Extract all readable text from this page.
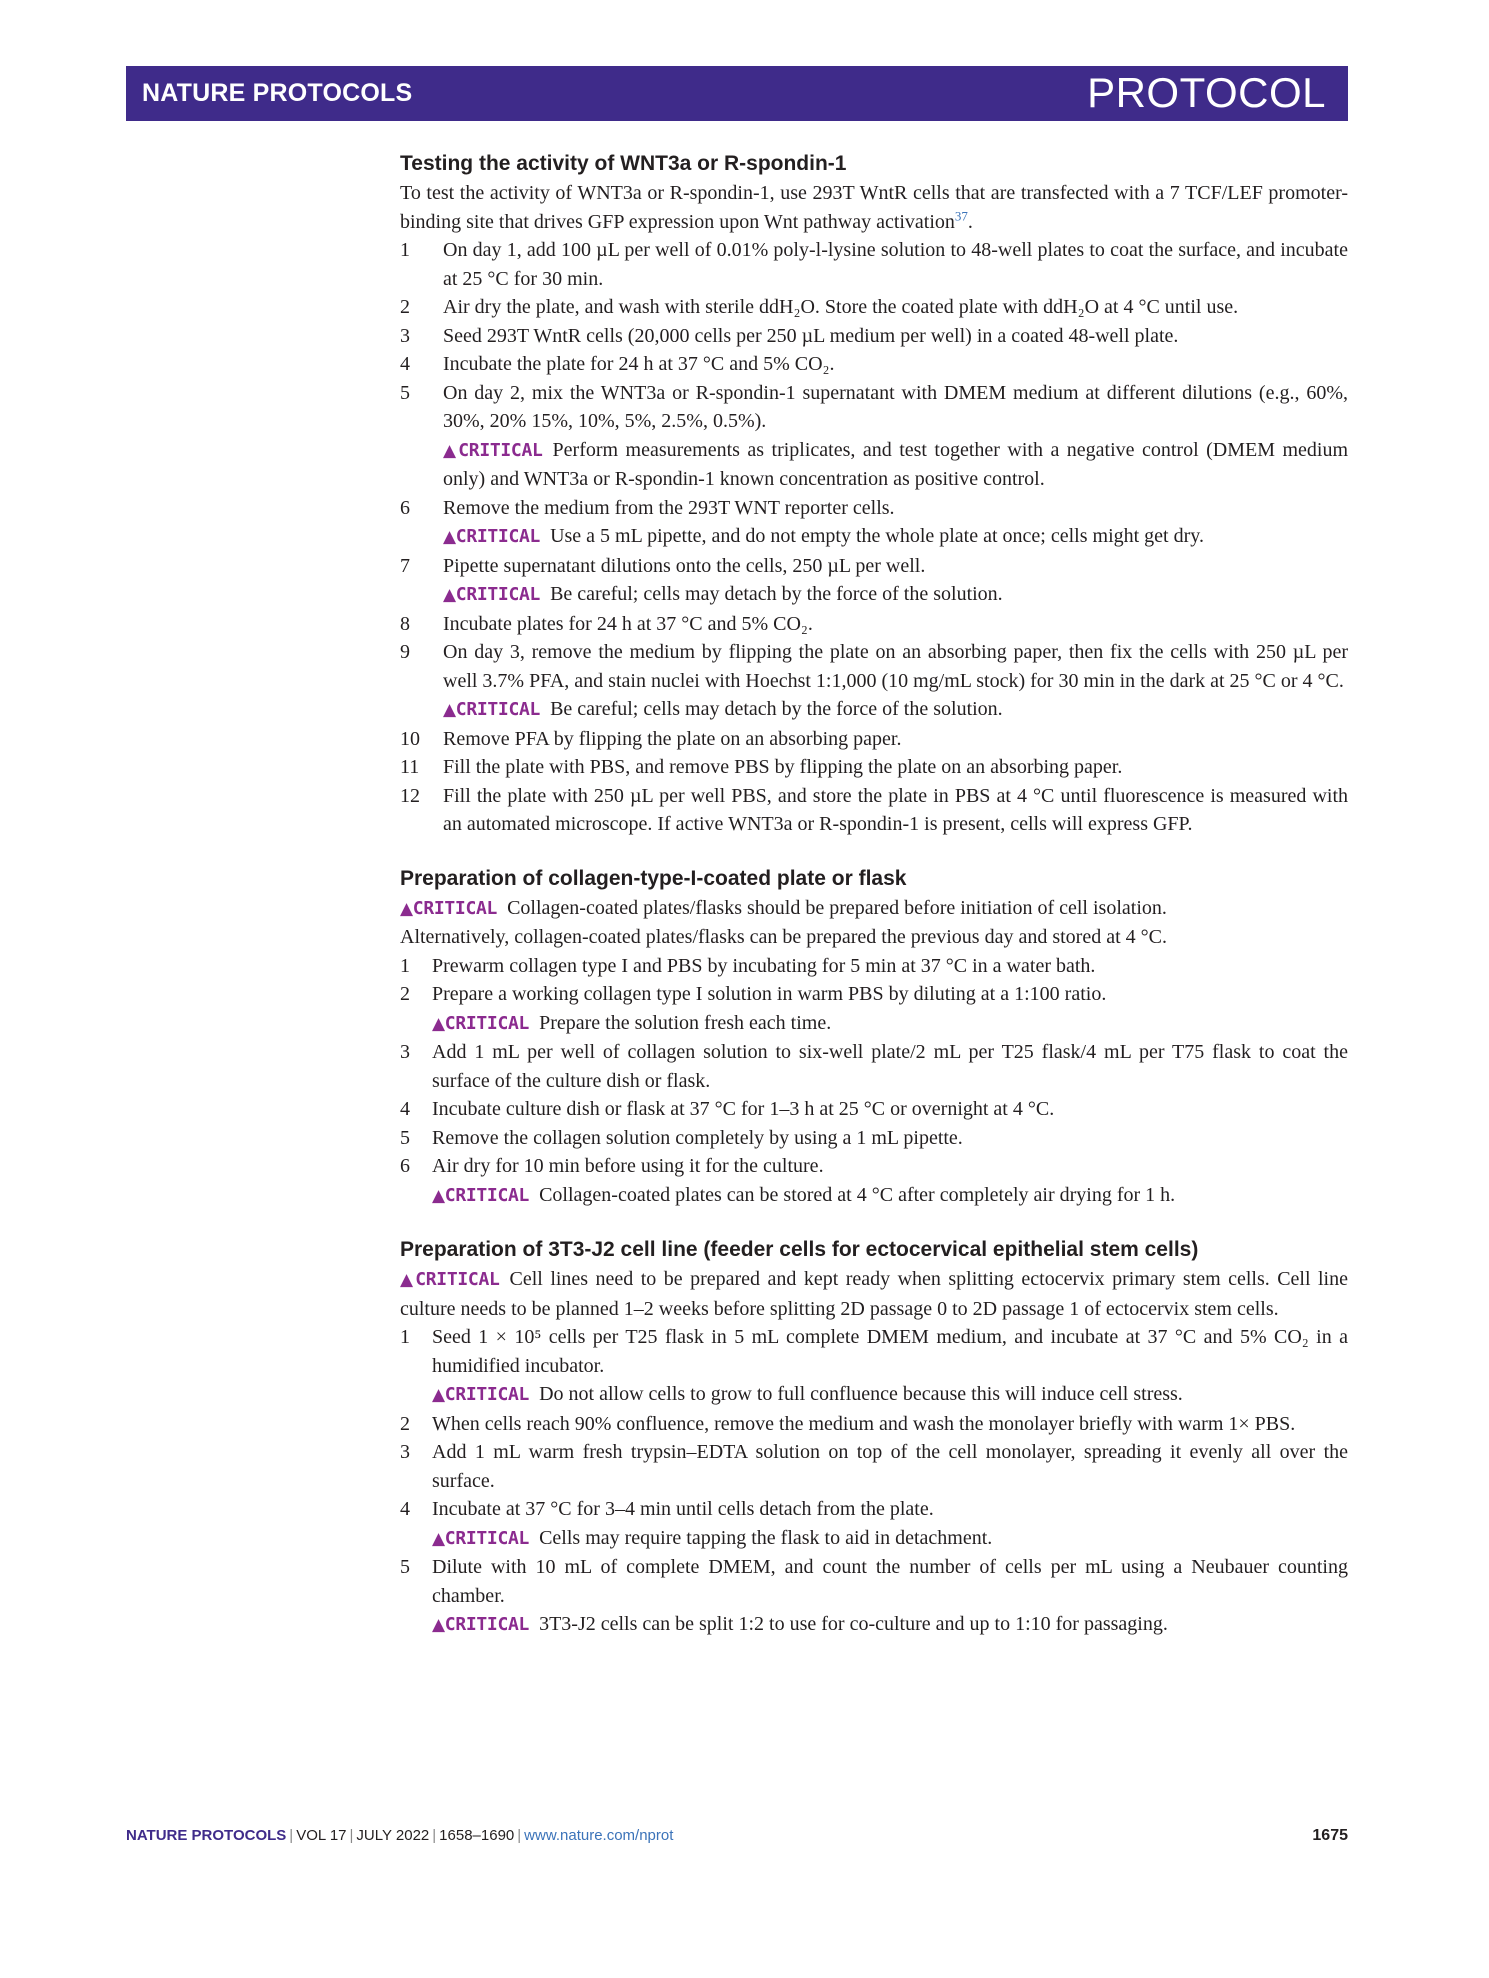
NATURE PROTOCOLS	PROTOCOL
Testing the activity of WNT3a or R-spondin-1

To test the activity of WNT3a or R-spondin-1, use 293T WntR cells that are transfected with a 7 TCF/LEF promoter-binding site that drives GFP expression upon Wnt pathway activation$^{37}$.

1	On day 1, add 100 µL per well of 0.01% poly-l-lysine solution to 48-well plates to coat the surface, and incubate at 25 °C for 30 min.
2	Air dry the plate, and wash with sterile ddH₂O. Store the coated plate with ddH₂O at 4 °C until use.
3	Seed 293T WntR cells (20,000 cells per 250 µL medium per well) in a coated 48-well plate.
4	Incubate the plate for 24 h at 37 °C and 5% CO₂.
5	On day 2, mix the WNT3a or R-spondin-1 supernatant with DMEM medium at different dilutions (e.g., 60%, 30%, 20% 15%, 10%, 5%, 2.5%, 0.5%).
▲CRITICAL Perform measurements as triplicates, and test together with a negative control (DMEM medium only) and WNT3a or R-spondin-1 known concentration as positive control.
6	Remove the medium from the 293T WNT reporter cells.
▲CRITICAL Use a 5 mL pipette, and do not empty the whole plate at once; cells might get dry.
7	Pipette supernatant dilutions onto the cells, 250 µL per well.
▲CRITICAL Be careful; cells may detach by the force of the solution.
8	Incubate plates for 24 h at 37 °C and 5% CO₂.
9	On day 3, remove the medium by flipping the plate on an absorbing paper, then fix the cells with 250 µL per well 3.7% PFA, and stain nuclei with Hoechst 1:1,000 (10 mg/mL stock) for 30 min in the dark at 25 °C or 4 °C.
▲CRITICAL Be careful; cells may detach by the force of the solution.
10	Remove PFA by flipping the plate on an absorbing paper.
11	Fill the plate with PBS, and remove PBS by flipping the plate on an absorbing paper.
12	Fill the plate with 250 µL per well PBS, and store the plate in PBS at 4 °C until fluorescence is measured with an automated microscope. If active WNT3a or R-spondin-1 is present, cells will express GFP.
Preparation of collagen-type-I-coated plate or flask

▲CRITICAL Collagen-coated plates/flasks should be prepared before initiation of cell isolation.

Alternatively, collagen-coated plates/flasks can be prepared the previous day and stored at 4 °C.

1	Prewarm collagen type I and PBS by incubating for 5 min at 37 °C in a water bath.
2	Prepare a working collagen type I solution in warm PBS by diluting at a 1:100 ratio.
▲CRITICAL Prepare the solution fresh each time.
3	Add 1 mL per well of collagen solution to six-well plate/2 mL per T25 flask/4 mL per T75 flask to coat the surface of the culture dish or flask.
4	Incubate culture dish or flask at 37 °C for 1–3 h at 25 °C or overnight at 4 °C.
5	Remove the collagen solution completely by using a 1 mL pipette.
6	Air dry for 10 min before using it for the culture.
▲CRITICAL Collagen-coated plates can be stored at 4 °C after completely air drying for 1 h.
Preparation of 3T3-J2 cell line (feeder cells for ectocervical epithelial stem cells)

▲CRITICAL Cell lines need to be prepared and kept ready when splitting ectocervix primary stem cells. Cell line culture needs to be planned 1–2 weeks before splitting 2D passage 0 to 2D passage 1 of ectocervix stem cells.

1	Seed 1 × 10⁵ cells per T25 flask in 5 mL complete DMEM medium, and incubate at 37 °C and 5% CO₂ in a humidified incubator.
▲CRITICAL Do not allow cells to grow to full confluence because this will induce cell stress.
2	When cells reach 90% confluence, remove the medium and wash the monolayer briefly with warm 1× PBS.
3	Add 1 mL warm fresh trypsin–EDTA solution on top of the cell monolayer, spreading it evenly all over the surface.
4	Incubate at 37 °C for 3–4 min until cells detach from the plate.
▲CRITICAL Cells may require tapping the flask to aid in detachment.
5	Dilute with 10 mL of complete DMEM, and count the number of cells per mL using a Neubauer counting chamber.
▲CRITICAL 3T3-J2 cells can be split 1:2 to use for co-culture and up to 1:10 for passaging.
NATURE PROTOCOLS | VOL 17 | JULY 2022 | 1658–1690 | www.nature.com/nprot	1675
